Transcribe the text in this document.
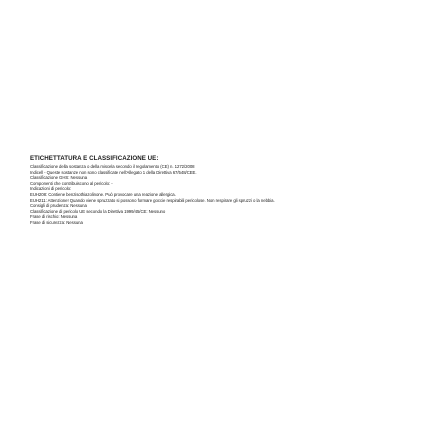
ETICHETTATURA E CLASSIFICAZIONE UE:
Classificazione della sostanza o della miscela secondo il regolamento (CE) n. 1272/2008
Indicell - Queste sostanze non sono classificate nell'Allegato 1 della Direttiva 67/548/CEE.
Classificazione GHS: Nessuna
Componenti che contribuiscono al pericolo: -
Indicazioni di pericolo:
EUH208: Contiene benzisothiazolinone. Può provocare una reazione allergica.
EUH211: Attenzione! Quando viene spruzzato si possono formare goccie respirabili pericolose. Non respirare gli spruzzi o la nebbia.
Consigli di prudenza: Nessuna
Classificazione di pericolo UE secondo la Direttiva 1999/45/CE: Nessuno
Frase di rischio: Nessuna
Frase di sicurezza: Nessuna
